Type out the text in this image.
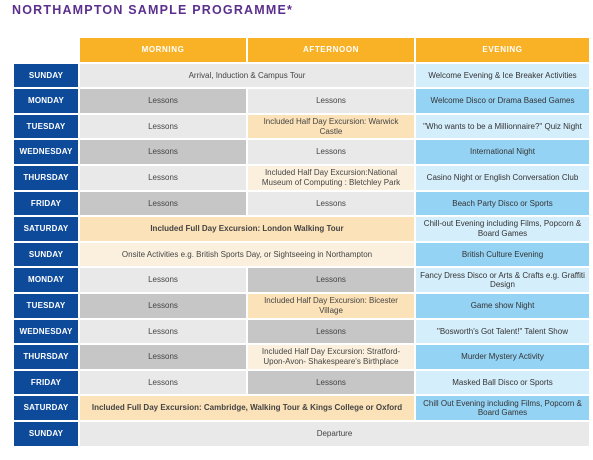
NORTHAMPTON SAMPLE PROGRAMME*
	MORNING	AFTERNOON	EVENING
SUNDAY	Arrival, Induction & Campus Tour		Welcome Evening & Ice Breaker Activities
MONDAY	Lessons	Lessons	Welcome Disco or Drama Based Games
TUESDAY	Lessons	Included Half Day Excursion: Warwick Castle	"Who wants to be a Millionnaire?" Quiz Night
WEDNESDAY	Lessons	Lessons	International Night
THURSDAY	Lessons	Included Half Day Excursion:National Museum of Computing : Bletchley Park	Casino Night or English Conversation Club
FRIDAY	Lessons	Lessons	Beach Party Disco or Sports
SATURDAY	Included Full Day Excursion: London Walking Tour		Chill-out Evening including Films, Popcorn & Board Games
SUNDAY	Onsite Activities e.g. British Sports Day, or Sightseeing in Northampton		British Culture Evening
MONDAY	Lessons	Lessons	Fancy Dress Disco or Arts & Crafts e.g. Graffiti Design
TUESDAY	Lessons	Included Half Day Excursion: Bicester Village	Game show Night
WEDNESDAY	Lessons	Lessons	"Bosworth's Got Talent!" Talent Show
THURSDAY	Lessons	Included Half Day Excursion: Stratford-Upon-Avon- Shakespeare's Birthplace	Murder Mystery Activity
FRIDAY	Lessons	Lessons	Masked Ball Disco or Sports
SATURDAY	Included Full Day Excursion: Cambridge, Walking Tour & Kings College or Oxford		Chill Out Evening including Films, Popcorn & Board Games
SUNDAY	Departure		
